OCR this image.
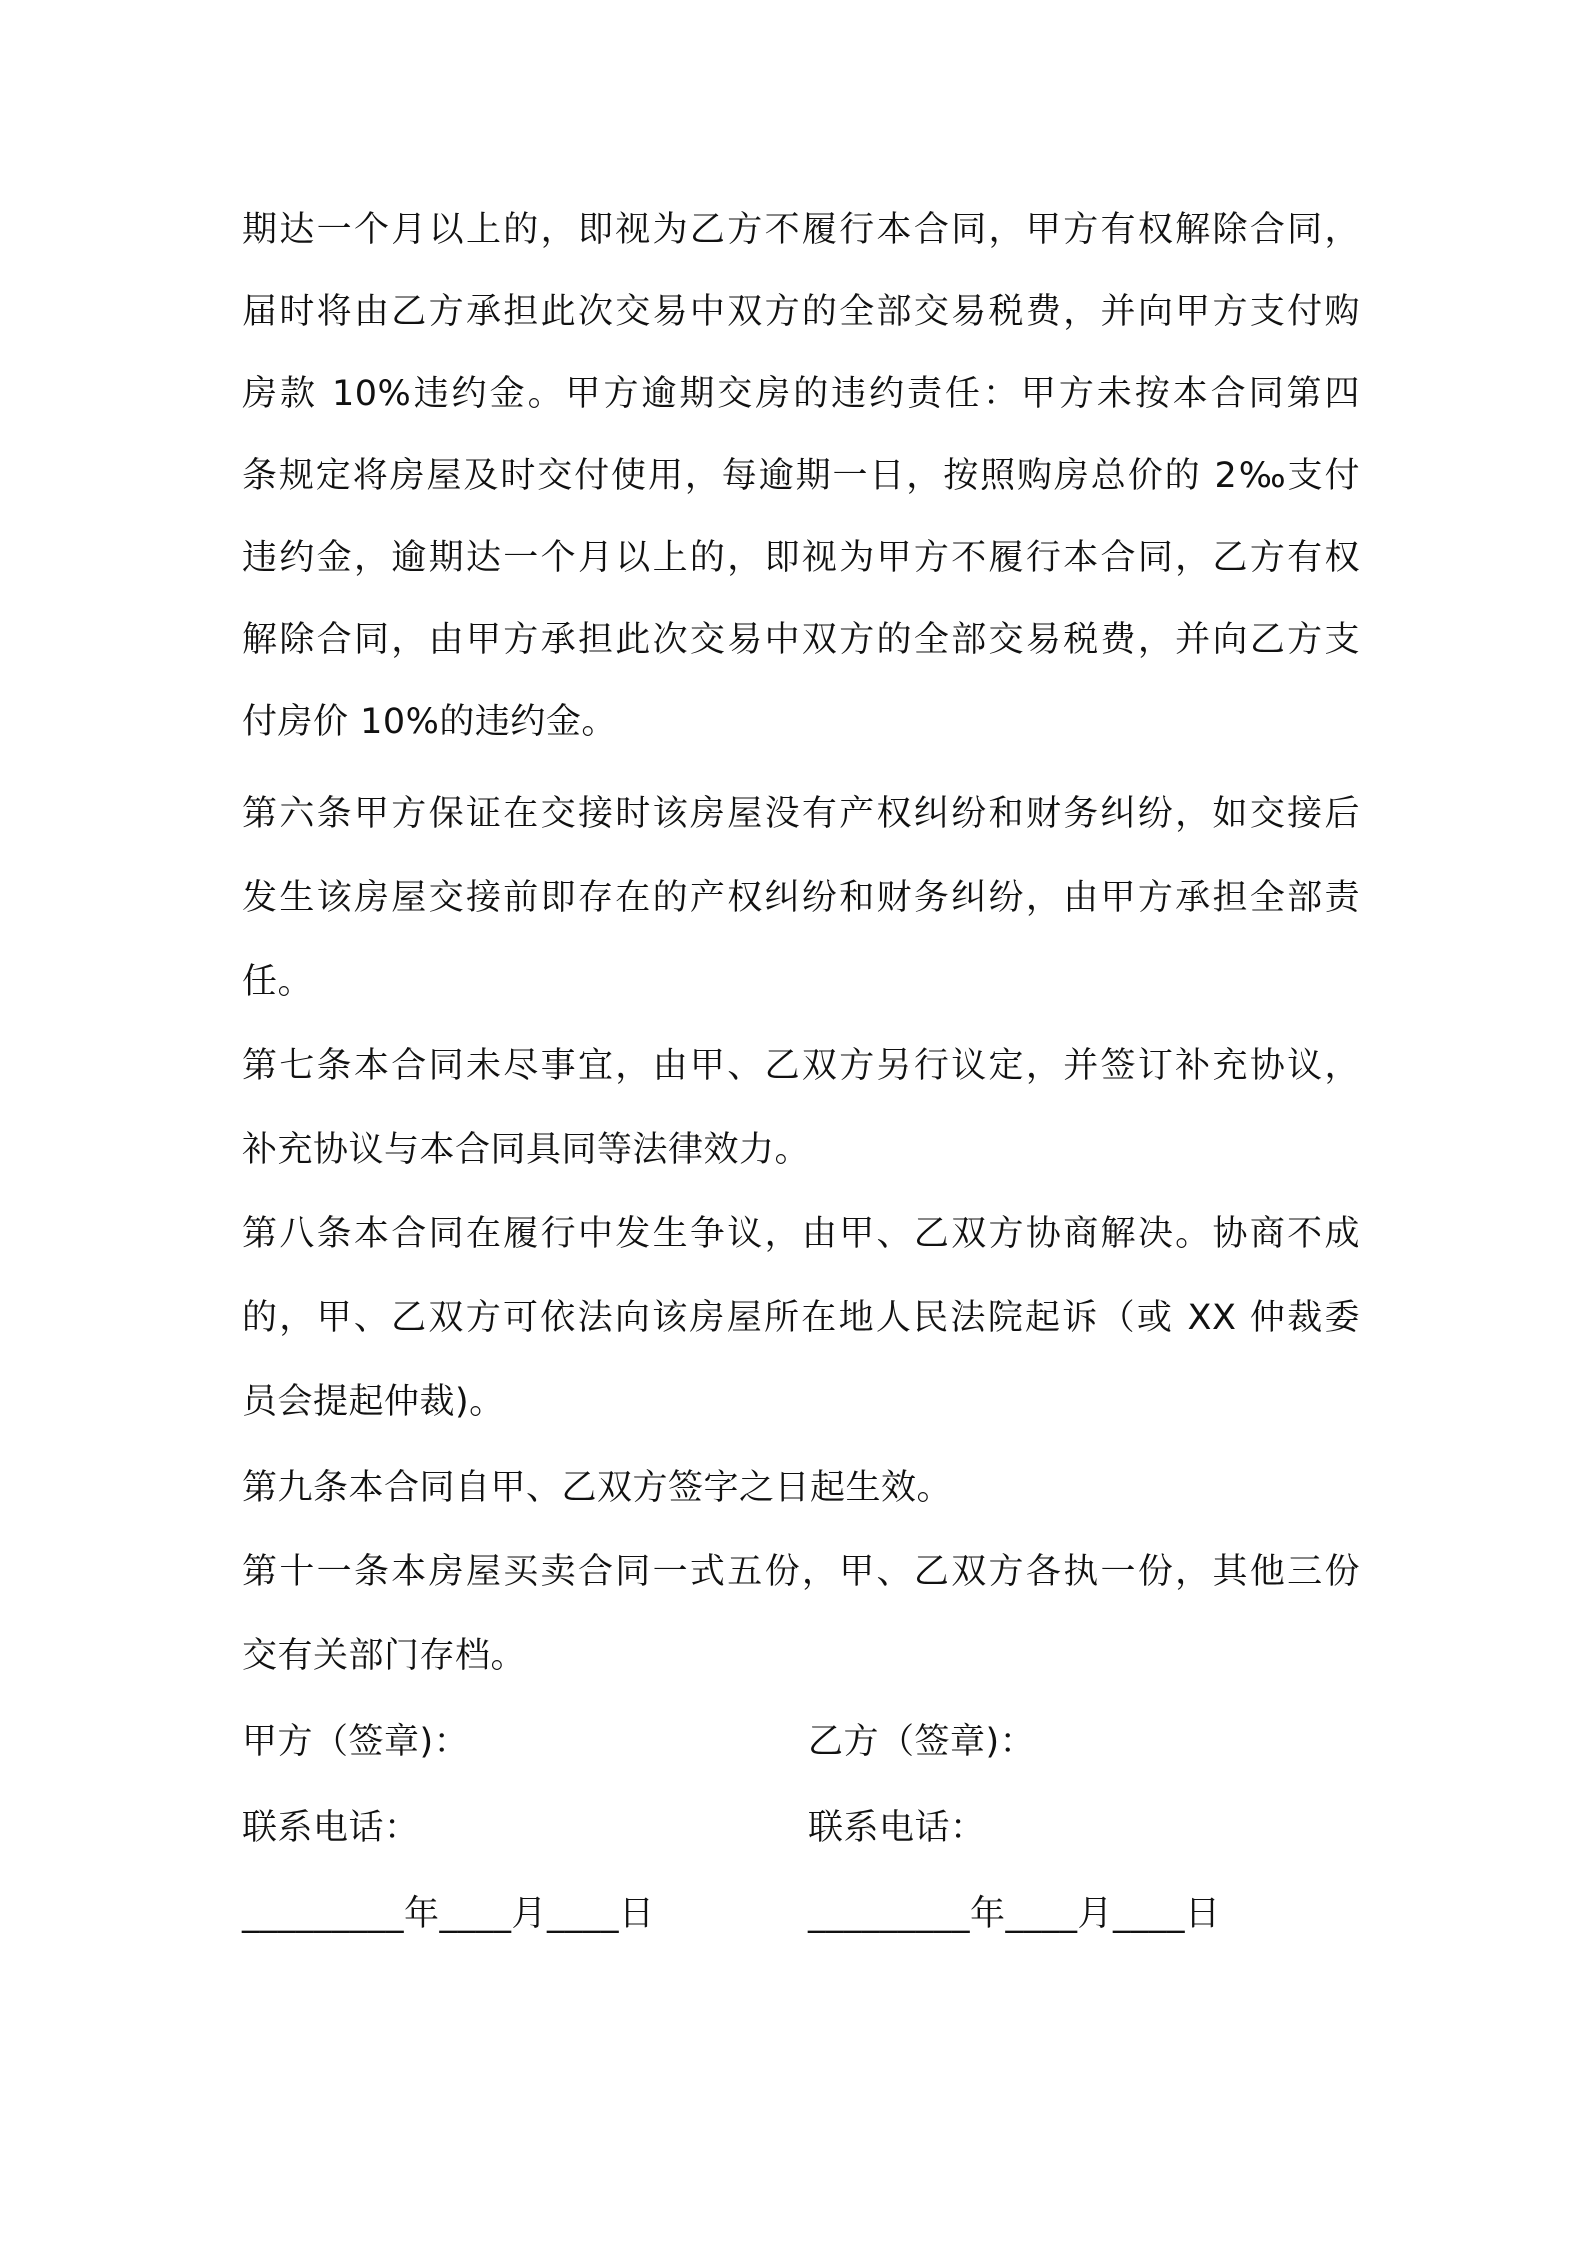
期达一个月以上的，即视为乙方不履行本合同，甲方有权解除合同，
届时将由乙方承担此次交易中双方的全部交易税费，并向甲方支付购
房款 10%违约金。甲方逾期交房的违约责任：甲方未按本合同第四
条规定将房屋及时交付使用，每逾期一日，按照购房总价的 2‰支付
违约金，逾期达一个月以上的，即视为甲方不履行本合同，乙方有权
解除合同，由甲方承担此次交易中双方的全部交易税费，并向乙方支
付房价 10%的违约金。
第六条甲方保证在交接时该房屋没有产权纠纷和财务纠纷，如交接后
发生该房屋交接前即存在的产权纠纷和财务纠纷，由甲方承担全部责
任。
第七条本合同未尽事宜，由甲、乙双方另行议定，并签订补充协议，
补充协议与本合同具同等法律效力。
第八条本合同在履行中发生争议，由甲、乙双方协商解决。协商不成
的，甲、乙双方可依法向该房屋所在地人民法院起诉（或 XX 仲裁委
员会提起仲裁)。
第九条本合同自甲、乙双方签字之日起生效。
第十一条本房屋买卖合同一式五份，甲、乙双方各执一份，其他三份
交有关部门存档。
甲方（签章)：	乙方（签章)：
联系电话：	联系电话：
_________年____月____日	_________年____月____日
